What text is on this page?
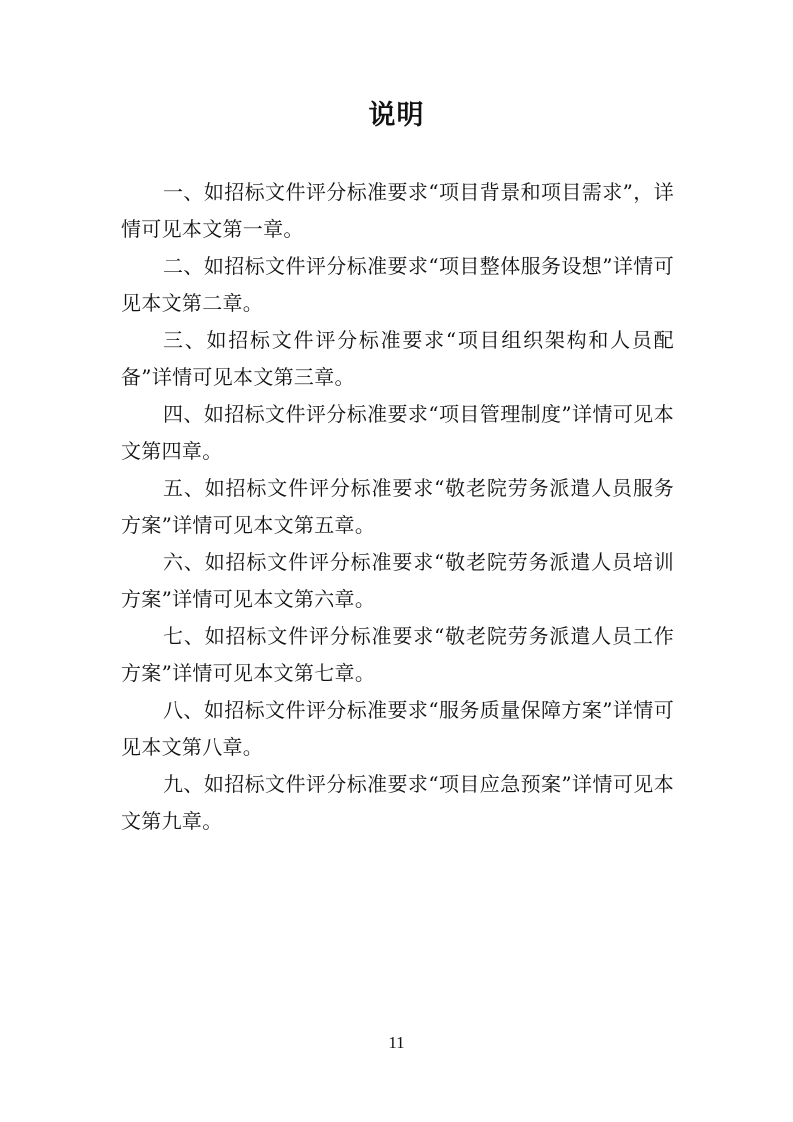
说明

一、如招标文件评分标准要求“项目背景和项目需求”，详情可见本文第一章。

二、如招标文件评分标准要求“项目整体服务设想”详情可见本文第二章。

三、如招标文件评分标准要求“项目组织架构和人员配备”详情可见本文第三章。

四、如招标文件评分标准要求“项目管理制度”详情可见本文第四章。

五、如招标文件评分标准要求“敬老院劳务派遣人员服务方案”详情可见本文第五章。

六、如招标文件评分标准要求“敬老院劳务派遣人员培训方案”详情可见本文第六章。

七、如招标文件评分标准要求“敬老院劳务派遣人员工作方案”详情可见本文第七章。

八、如招标文件评分标准要求“服务质量保障方案”详情可见本文第八章。

九、如招标文件评分标准要求“项目应急预案”详情可见本文第九章。

11
